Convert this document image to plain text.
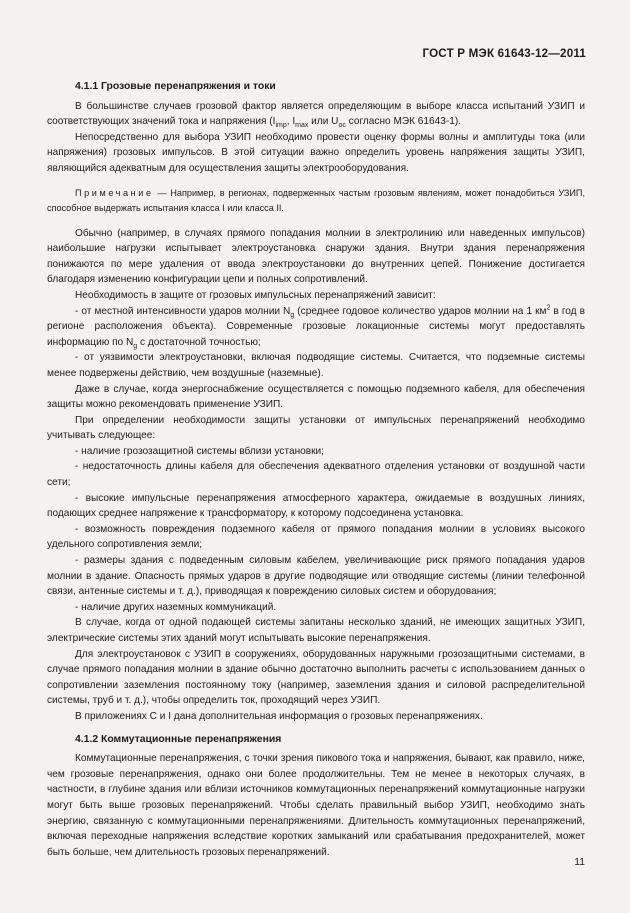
ГОСТ Р МЭК 61643-12—2011
4.1.1 Грозовые перенапряжения и токи

В большинстве случаев грозовой фактор является определяющим в выборе класса испытаний УЗИП и соответствующих значений тока и напряжения ($I_{imp}$, $I_{max}$ или $U_{oc}$ согласно МЭК 61643-1).

Непосредственно для выбора УЗИП необходимо провести оценку формы волны и амплитуды тока (или напряжения) грозовых импульсов. В этой ситуации важно определить уровень напряжения защиты УЗИП, являющийся адекватным для осуществления защиты электрооборудования.

Примечание — Например, в регионах, подверженных частым грозовым явлениям, может понадобиться УЗИП, способное выдержать испытания класса I или класса II.

Обычно (например, в случаях прямого попадания молнии в электролинию или наведенных импульсов) наибольшие нагрузки испытывает электроустановка снаружи здания. Внутри здания перенапряжения понижаются по мере удаления от ввода электроустановки до внутренних цепей. Понижение достигается благодаря изменению конфигурации цепи и полных сопротивлений.

Необходимость в защите от грозовых импульсных перенапряжений зависит:

- от местной интенсивности ударов молнии $N_g$ (среднее годовое количество ударов молнии на 1 $км^2$ в год в регионе расположения объекта). Современные грозовые локационные системы могут предоставлять информацию по $N_g$ с достаточной точностью;

- от уязвимости электроустановки, включая подводящие системы. Считается, что подземные системы менее подвержены действию, чем воздушные (наземные).

Даже в случае, когда энергоснабжение осуществляется с помощью подземного кабеля, для обеспечения защиты можно рекомендовать применение УЗИП.

При определении необходимости защиты установки от импульсных перенапряжений необходимо учитывать следующее:

- наличие грозозащитной системы вблизи установки;

- недостаточность длины кабеля для обеспечения адекватного отделения установки от воздушной части сети;

- высокие импульсные перенапряжения атмосферного характера, ожидаемые в воздушных линиях, подающих среднее напряжение к трансформатору, к которому подсоединена установка.

- возможность повреждения подземного кабеля от прямого попадания молнии в условиях высокого удельного сопротивления земли;

- размеры здания с подведенным силовым кабелем, увеличивающие риск прямого попадания ударов молнии в здание. Опасность прямых ударов в другие подводящие или отводящие системы (линии телефонной связи, антенные системы и т. д.), приводящая к повреждению силовых систем и оборудования;

- наличие других наземных коммуникаций.

В случае, когда от одной подающей системы запитаны несколько зданий, не имеющих защитных УЗИП, электрические системы этих зданий могут испытывать высокие перенапряжения.

Для электроустановок с УЗИП в сооружениях, оборудованных наружными грозозащитными системами, в случае прямого попадания молнии в здание обычно достаточно выполнить расчеты с использованием данных о сопротивлении заземления постоянному току (например, заземления здания и силовой распределительной системы, труб и т. д.), чтобы определить ток, проходящий через УЗИП.

В приложениях С и I дана дополнительная информация о грозовых перенапряжениях.

4.1.2 Коммутационные перенапряжения

Коммутационные перенапряжения, с точки зрения пикового тока и напряжения, бывают, как правило, ниже, чем грозовые перенапряжения, однако они более продолжительны. Тем не менее в некоторых случаях, в частности, в глубине здания или вблизи источников коммутационных перенапряжений коммутационные нагрузки могут быть выше грозовых перенапряжений. Чтобы сделать правильный выбор УЗИП, необходимо знать энергию, связанную с коммутационными перенапряжениями. Длительность коммутационных перенапряжений, включая переходные напряжения вследствие коротких замыканий или срабатывания предохранителей, может быть больше, чем длительность грозовых перенапряжений.

11
